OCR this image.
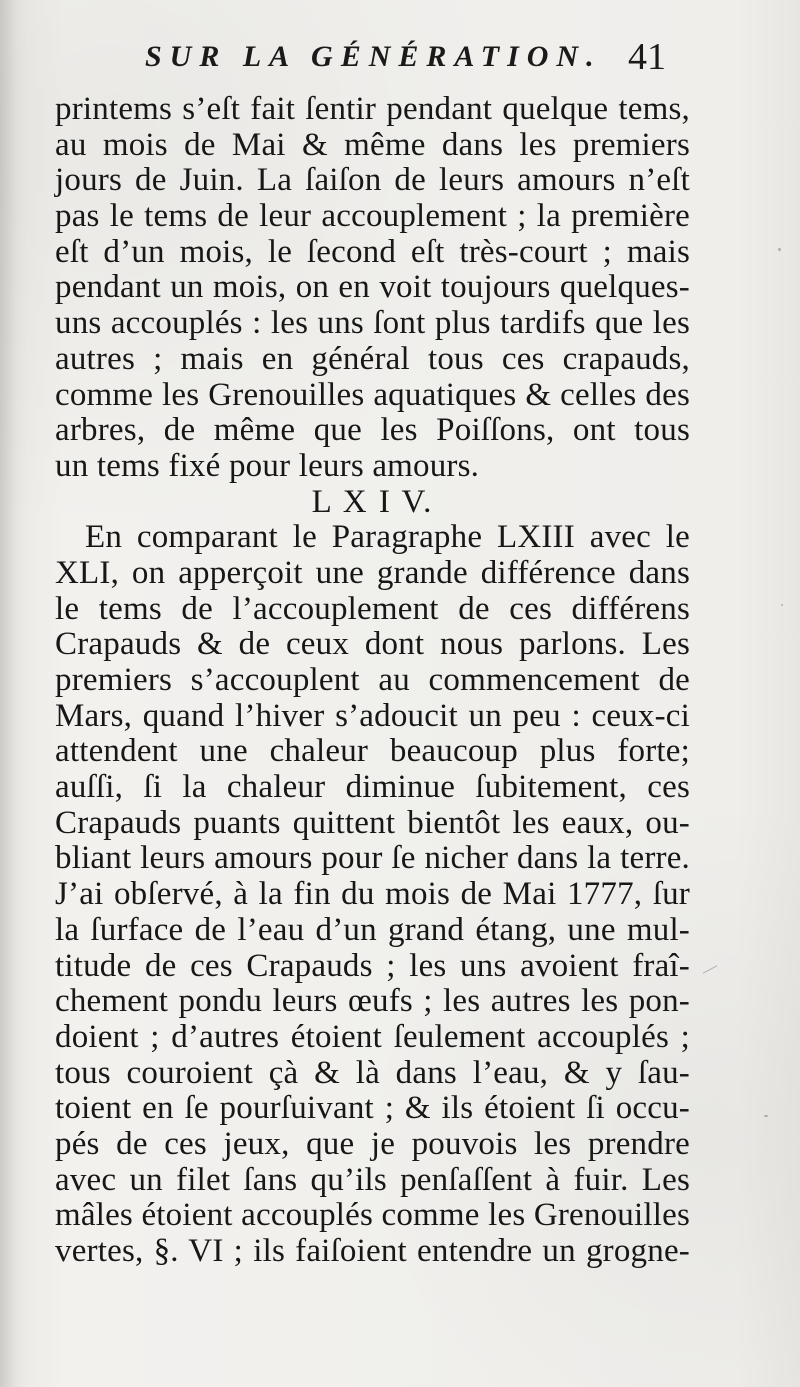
SUR LA GÉNÉRATION. 41
printems s’eſt fait ſentir pendant quelque tems,
au mois de Mai & même dans les premiers
jours de Juin. La ſaiſon de leurs amours n’eſt
pas le tems de leur accouplement ; la première
eſt d’un mois, le ſecond eſt très-court ; mais
pendant un mois, on en voit toujours quelques-
uns accouplés : les uns ſont plus tardifs que les
autres ; mais en général tous ces crapauds,
comme les Grenouilles aquatiques & celles des
arbres, de même que les Poiſſons, ont tous
un tems fixé pour leurs amours.
L X I V.
En comparant le Paragraphe LXIII avec le
XLI, on apperçoit une grande différence dans
le tems de l’accouplement de ces différens
Crapauds & de ceux dont nous parlons. Les
premiers s’accouplent au commencement de
Mars, quand l’hiver s’adoucit un peu : ceux-ci
attendent une chaleur beaucoup plus forte;
auſſi, ſi la chaleur diminue ſubitement, ces
Crapauds puants quittent bientôt les eaux, ou-
bliant leurs amours pour ſe nicher dans la terre.
J’ai obſervé, à la fin du mois de Mai 1777, ſur
la ſurface de l’eau d’un grand étang, une mul-
titude de ces Crapauds ; les uns avoient fraî-
chement pondu leurs œufs ; les autres les pon-
doient ; d’autres étoient ſeulement accouplés ;
tous couroient çà & là dans l’eau, & y ſau-
toient en ſe pourſuivant ; & ils étoient ſi occu-
pés de ces jeux, que je pouvois les prendre
avec un filet ſans qu’ils penſaſſent à fuir. Les
mâles étoient accouplés comme les Grenouilles
vertes, §. VI ; ils faiſoient entendre un grogne-
